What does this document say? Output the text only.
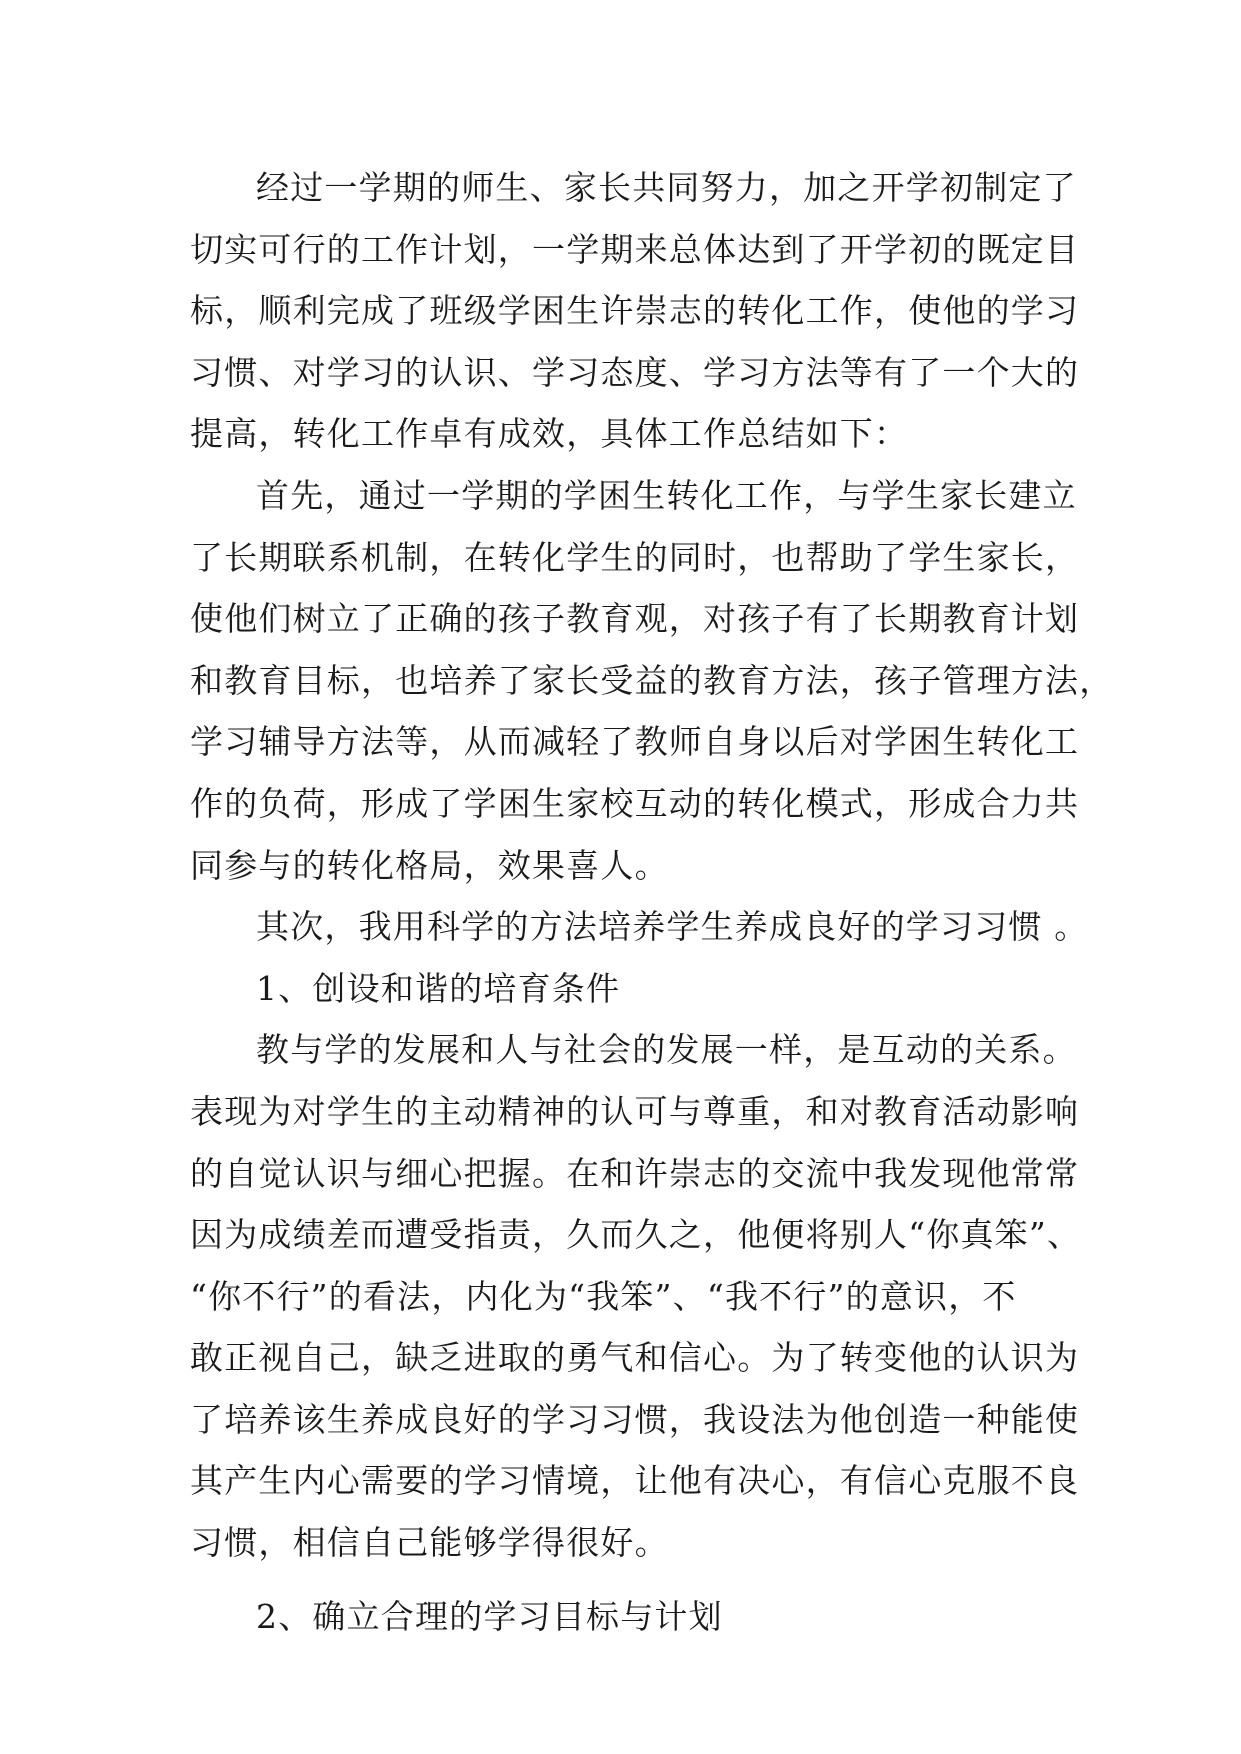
经过一学期的师生、家长共同努力，加之开学初制定了
切实可行的工作计划，一学期来总体达到了开学初的既定目
标，顺利完成了班级学困生许崇志的转化工作，使他的学习
习惯、对学习的认识、学习态度、学习方法等有了一个大的
提高，转化工作卓有成效，具体工作总结如下：
首先，通过一学期的学困生转化工作，与学生家长建立
了长期联系机制，在转化学生的同时，也帮助了学生家长，
使他们树立了正确的孩子教育观，对孩子有了长期教育计划
和教育目标，也培养了家长受益的教育方法，孩子管理方法，
学习辅导方法等，从而减轻了教师自身以后对学困生转化工
作的负荷，形成了学困生家校互动的转化模式，形成合力共
同参与的转化格局，效果喜人。
其次，我用科学的方法培养学生养成良好的学习习惯 。
1、创设和谐的培育条件
教与学的发展和人与社会的发展一样，是互动的关系。
表现为对学生的主动精神的认可与尊重，和对教育活动影响
的自觉认识与细心把握。在和许崇志的交流中我发现他常常
因为成绩差而遭受指责，久而久之，他便将别人“你真笨”、
“你不行”的看法，内化为“我笨”、“我不行”的意识，不
敢正视自己，缺乏进取的勇气和信心。为了转变他的认识为
了培养该生养成良好的学习习惯，我设法为他创造一种能使
其产生内心需要的学习情境，让他有决心，有信心克服不良
习惯，相信自己能够学得很好。
2、确立合理的学习目标与计划
